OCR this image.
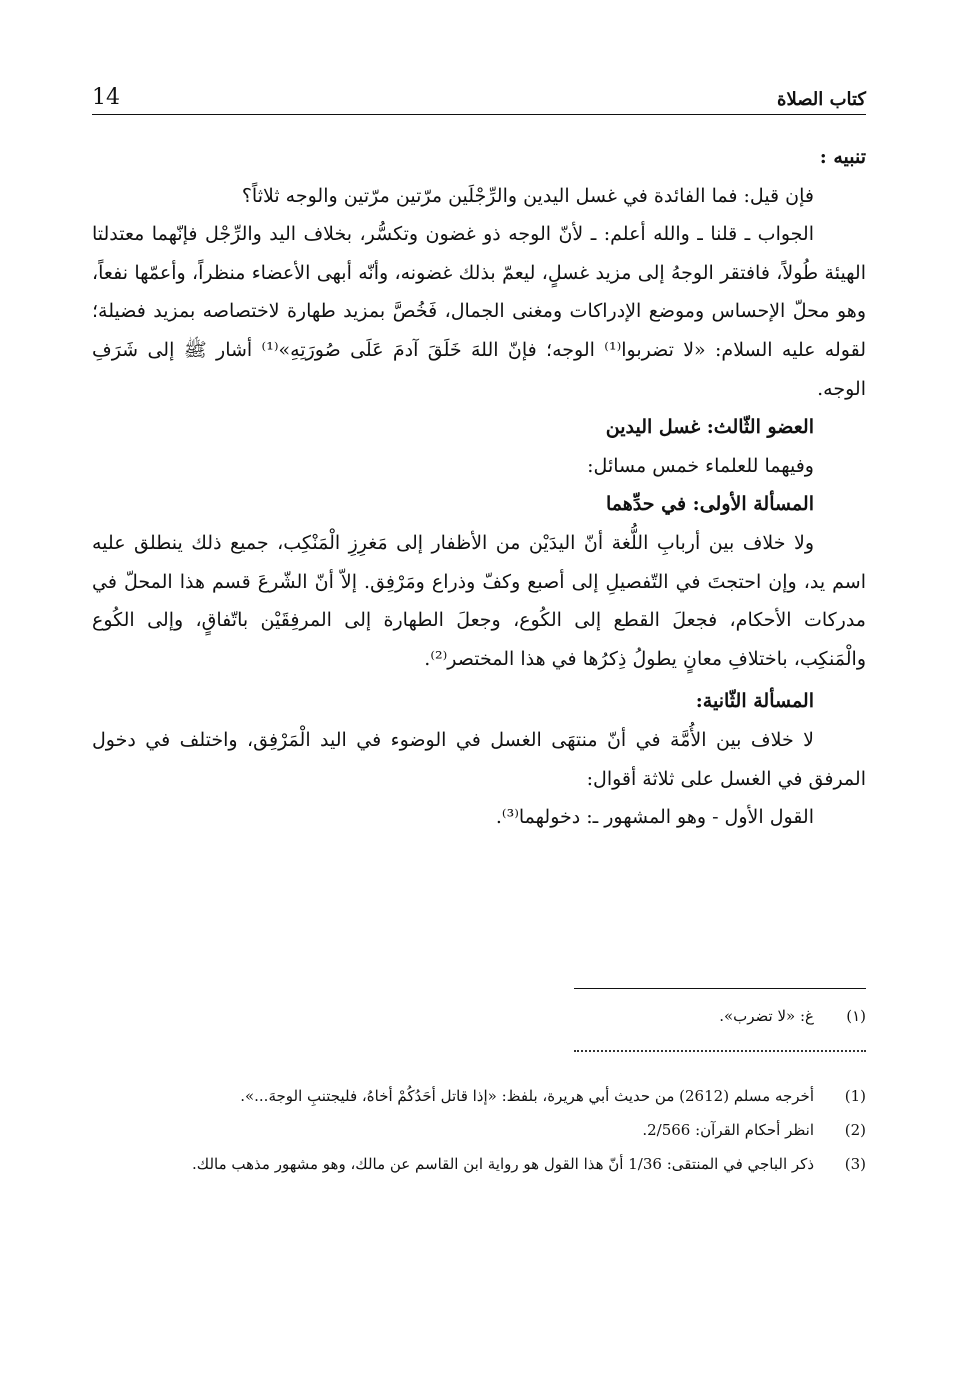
14	كتاب الصلاة

تنبيه :

فإن قيل: فما الفائدة في غسل اليدين والرِّجْلَين مرّتين مرّتين والوجه ثلاثاً؟

الجواب ـ قلنا ـ والله أعلم: ـ لأنّ الوجه ذو غضون وتكسُّر، بخلاف اليد والرِّجْل فإنّهما معتدلتا الهيئة طُولاً، فافتقر الوجهُ إلى مزيد غسلٍ، ليعمّ بذلك غضونه، وأنّه أبهى الأعضاء منظراً، وأعمّها نفعاً، وهو محلّ الإحساس وموضع الإدراكات ومغنى الجمال، فَخُصَّ بمزيد طهارة لاختصاصه بمزيد فضيلة؛ لقوله عليه السلام: «لا تضربوا⁽¹⁾ الوجه؛ فإنّ اللهَ خَلَقَ آدمَ عَلَى صُورَتِهِ»⁽¹⁾ أشار ﷺ إلى شَرَفِ الوجه.

العضو الثّالث: غسل اليدين

وفيهما للعلماء خمس مسائل:

المسألة الأولى: في حدِّهما

ولا خلاف بين أربابِ اللُّغة أنّ اليدَيْن من الأظفار إلى مَغرِزِ الْمَنْكِب، جميع ذلك ينطلق عليه اسم يد، وإن احتجتَ في التّفصيلِ إلى أصبع وكفّ وذراع ومَرْفِق. إلاّ أنّ الشّرعَ قسم هذا المحلّ في مدركات الأحكام، فجعلَ القطع إلى الكُوع، وجعلَ الطهارة إلى المرفِقَيْن باتّفاقٍ، وإلى الكُوع والْمَنكِب، باختلافِ معانٍ يطولُ ذِكرُها في هذا المختصر⁽²⁾.

المسألة الثّانية:

لا خلاف بين الأُمَّة في أنّ منتهَى الغسل في الوضوء في اليد الْمَرْفِق، واختلف في دخول المرفق في الغسل على ثلاثة أقوال:

القول الأول - وهو المشهور ـ: دخولهما⁽³⁾.

(١)
غ: «لا تضرب».
(1)
أخرجه مسلم (2612) من حديث أبي هريرة، بلفظ: «إذا قاتل أحَدُكُمْ أخاهُ، فليجتنبِ الوجهَ...».
(2)
انظر أحكام القرآن: 2/566.
(3)
ذكر الباجي في المنتقى: 1/36 أنّ هذا القول هو رواية ابن القاسم عن مالك، وهو مشهور مذهب مالك.
